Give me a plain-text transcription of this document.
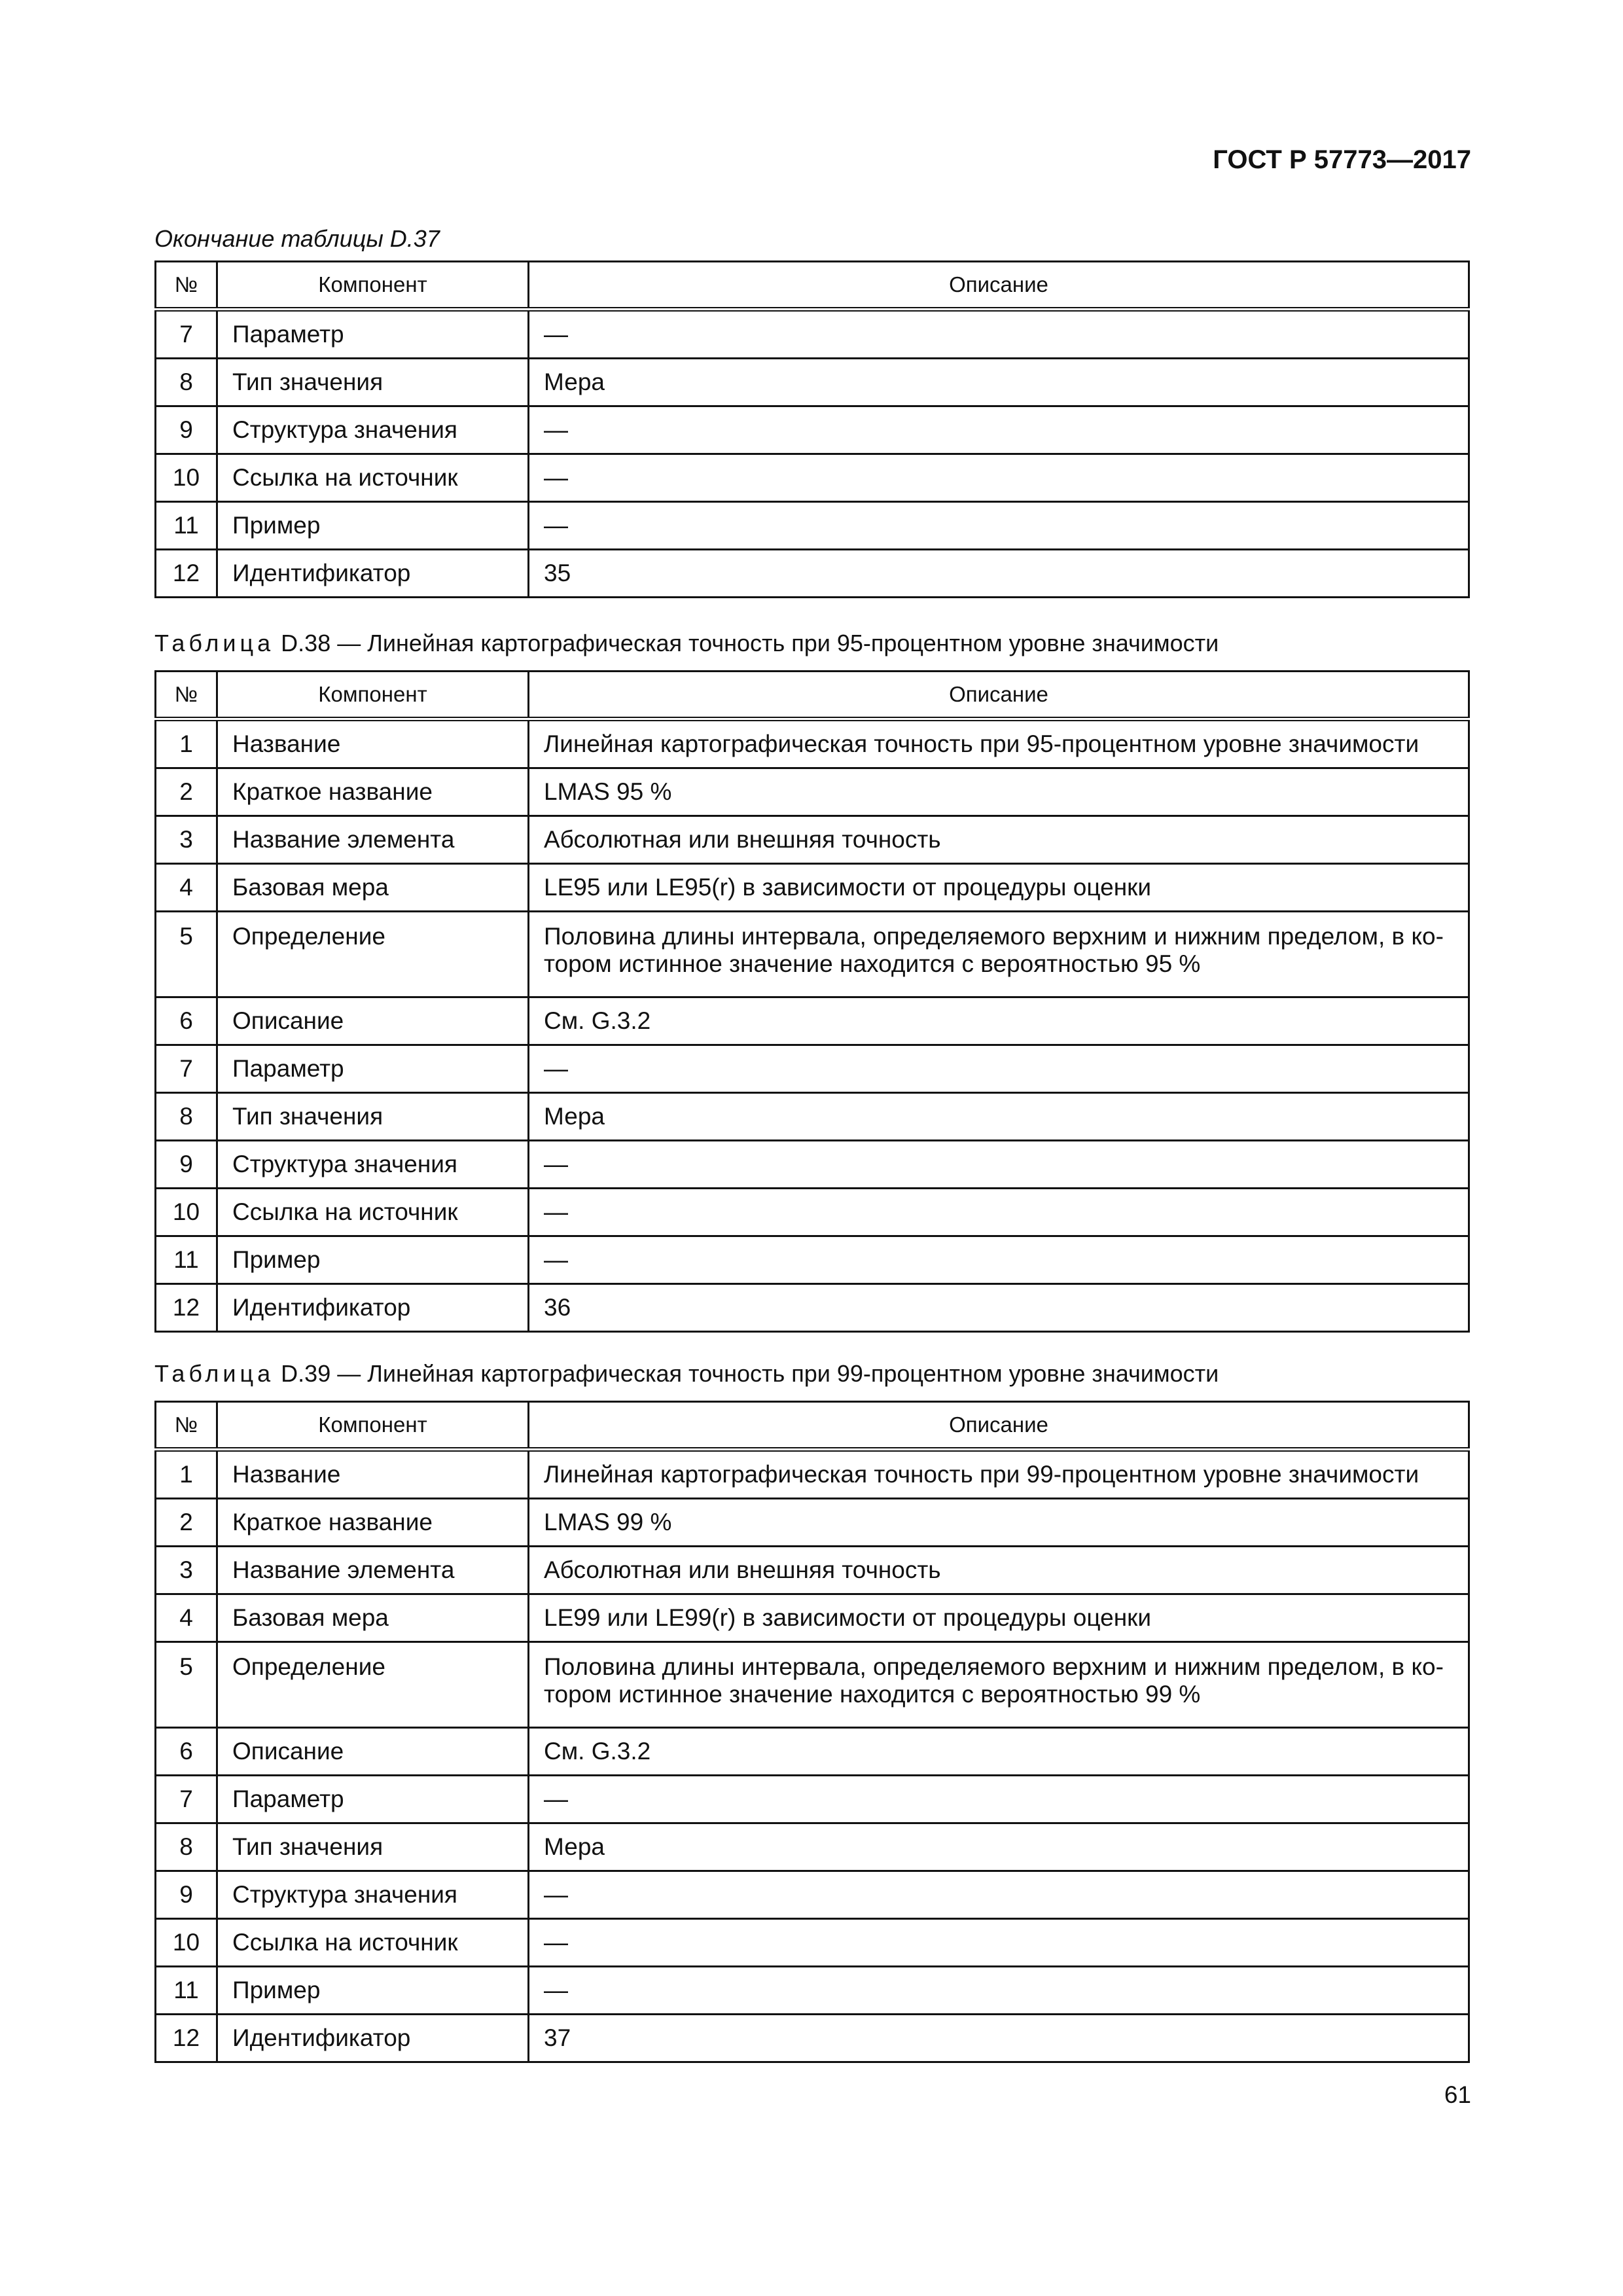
ГОСТ Р 57773—2017
Окончание таблицы D.37
№	Компонент	Описание
7	Параметр	—
8	Тип значения	Мера
9	Структура значения	—
10	Ссылка на источник	—
11	Пример	—
12	Идентификатор	35
Таблица D.38 — Линейная картографическая точность при 95-процентном уровне значимости
№	Компонент	Описание
1	Название	Линейная картографическая точность при 95-процентном уровне значимости
2	Краткое название	LMAS 95 %
3	Название элемента	Абсолютная или внешняя точность
4	Базовая мера	LE95 или LE95(r) в зависимости от процедуры оценки
5	Определение	Половина длины интервала, определяемого верхним и нижним пределом, в ко-
тором истинное значение находится с вероятностью 95 %

6	Описание	См. G.3.2
7	Параметр	—
8	Тип значения	Мера
9	Структура значения	—
10	Ссылка на источник	—
11	Пример	—
12	Идентификатор	36
Таблица D.39 — Линейная картографическая точность при 99-процентном уровне значимости
№	Компонент	Описание
1	Название	Линейная картографическая точность при 99-процентном уровне значимости
2	Краткое название	LMAS 99 %
3	Название элемента	Абсолютная или внешняя точность
4	Базовая мера	LE99 или LE99(r) в зависимости от процедуры оценки
5	Определение	Половина длины интервала, определяемого верхним и нижним пределом, в ко-
тором истинное значение находится с вероятностью 99 %

6	Описание	См. G.3.2
7	Параметр	—
8	Тип значения	Мера
9	Структура значения	—
10	Ссылка на источник	—
11	Пример	—
12	Идентификатор	37
61
